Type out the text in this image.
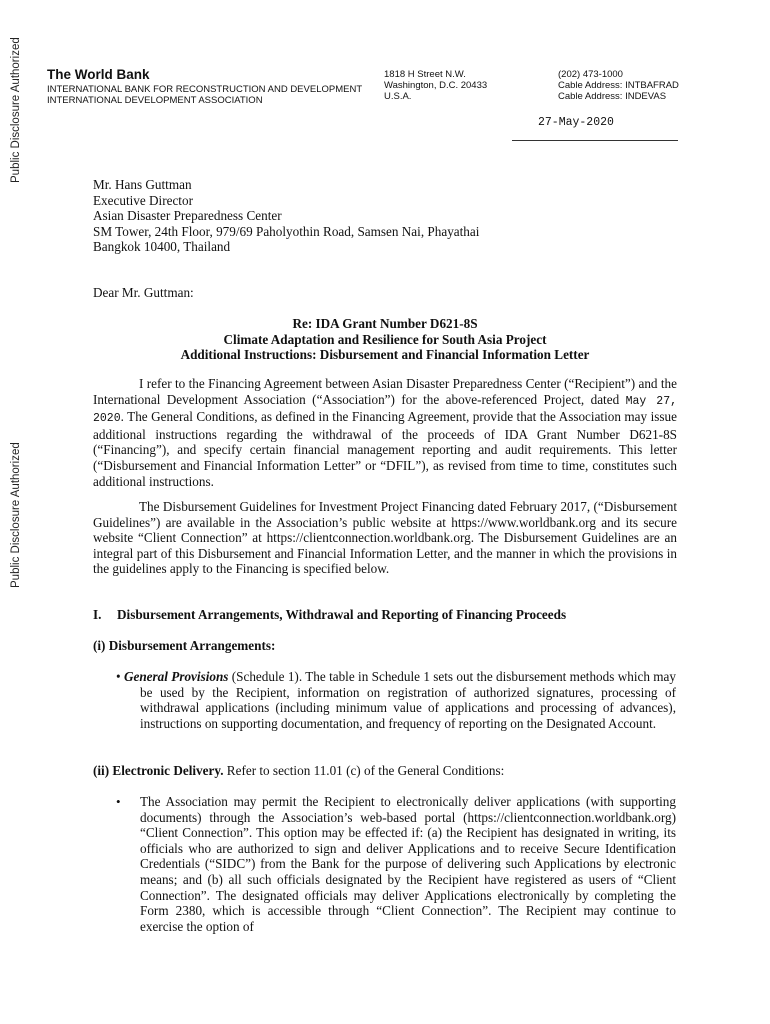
Public Disclosure Authorized
Public Disclosure Authorized
The World Bank
INTERNATIONAL BANK FOR RECONSTRUCTION AND DEVELOPMENT
INTERNATIONAL DEVELOPMENT ASSOCIATION
1818 H Street N.W.
Washington, D.C. 20433
U.S.A.
(202) 473-1000
Cable Address: INTBAFRAD
Cable Address: INDEVAS
27-May-2020
Mr. Hans Guttman
Executive Director
Asian Disaster Preparedness Center
SM Tower, 24th Floor, 979/69 Paholyothin Road, Samsen Nai, Phayathai
Bangkok 10400, Thailand
Dear Mr. Guttman:
Re: IDA Grant Number D621-8S
Climate Adaptation and Resilience for South Asia Project
Additional Instructions: Disbursement and Financial Information Letter
I refer to the Financing Agreement between Asian Disaster Preparedness Center (“Recipient”) and the International Development Association (“Association”) for the above-referenced Project, dated May 27, 2020. The General Conditions, as defined in the Financing Agreement, provide that the Association may issue additional instructions regarding the withdrawal of the proceeds of IDA Grant Number D621-8S (“Financing”), and specify certain financial management reporting and audit requirements. This letter (“Disbursement and Financial Information Letter” or “DFIL”), as revised from time to time, constitutes such additional instructions.
The Disbursement Guidelines for Investment Project Financing dated February 2017, (“Disbursement Guidelines”) are available in the Association’s public website at https://www.worldbank.org and its secure website “Client Connection” at https://clientconnection.worldbank.org. The Disbursement Guidelines are an integral part of this Disbursement and Financial Information Letter, and the manner in which the provisions in the guidelines apply to the Financing is specified below.
I. Disbursement Arrangements, Withdrawal and Reporting of Financing Proceeds
(i) Disbursement Arrangements:
• General Provisions (Schedule 1). The table in Schedule 1 sets out the disbursement methods which may be used by the Recipient, information on registration of authorized signatures, processing of withdrawal applications (including minimum value of applications and processing of advances), instructions on supporting documentation, and frequency of reporting on the Designated Account.
(ii) Electronic Delivery. Refer to section 11.01 (c) of the General Conditions:
• The Association may permit the Recipient to electronically deliver applications (with supporting documents) through the Association’s web-based portal (https://clientconnection.worldbank.org) “Client Connection”. This option may be effected if: (a) the Recipient has designated in writing, its officials who are authorized to sign and deliver Applications and to receive Secure Identification Credentials (“SIDC”) from the Bank for the purpose of delivering such Applications by electronic means; and (b) all such officials designated by the Recipient have registered as users of “Client Connection”. The designated officials may deliver Applications electronically by completing the Form 2380, which is accessible through “Client Connection”. The Recipient may continue to exercise the option of
